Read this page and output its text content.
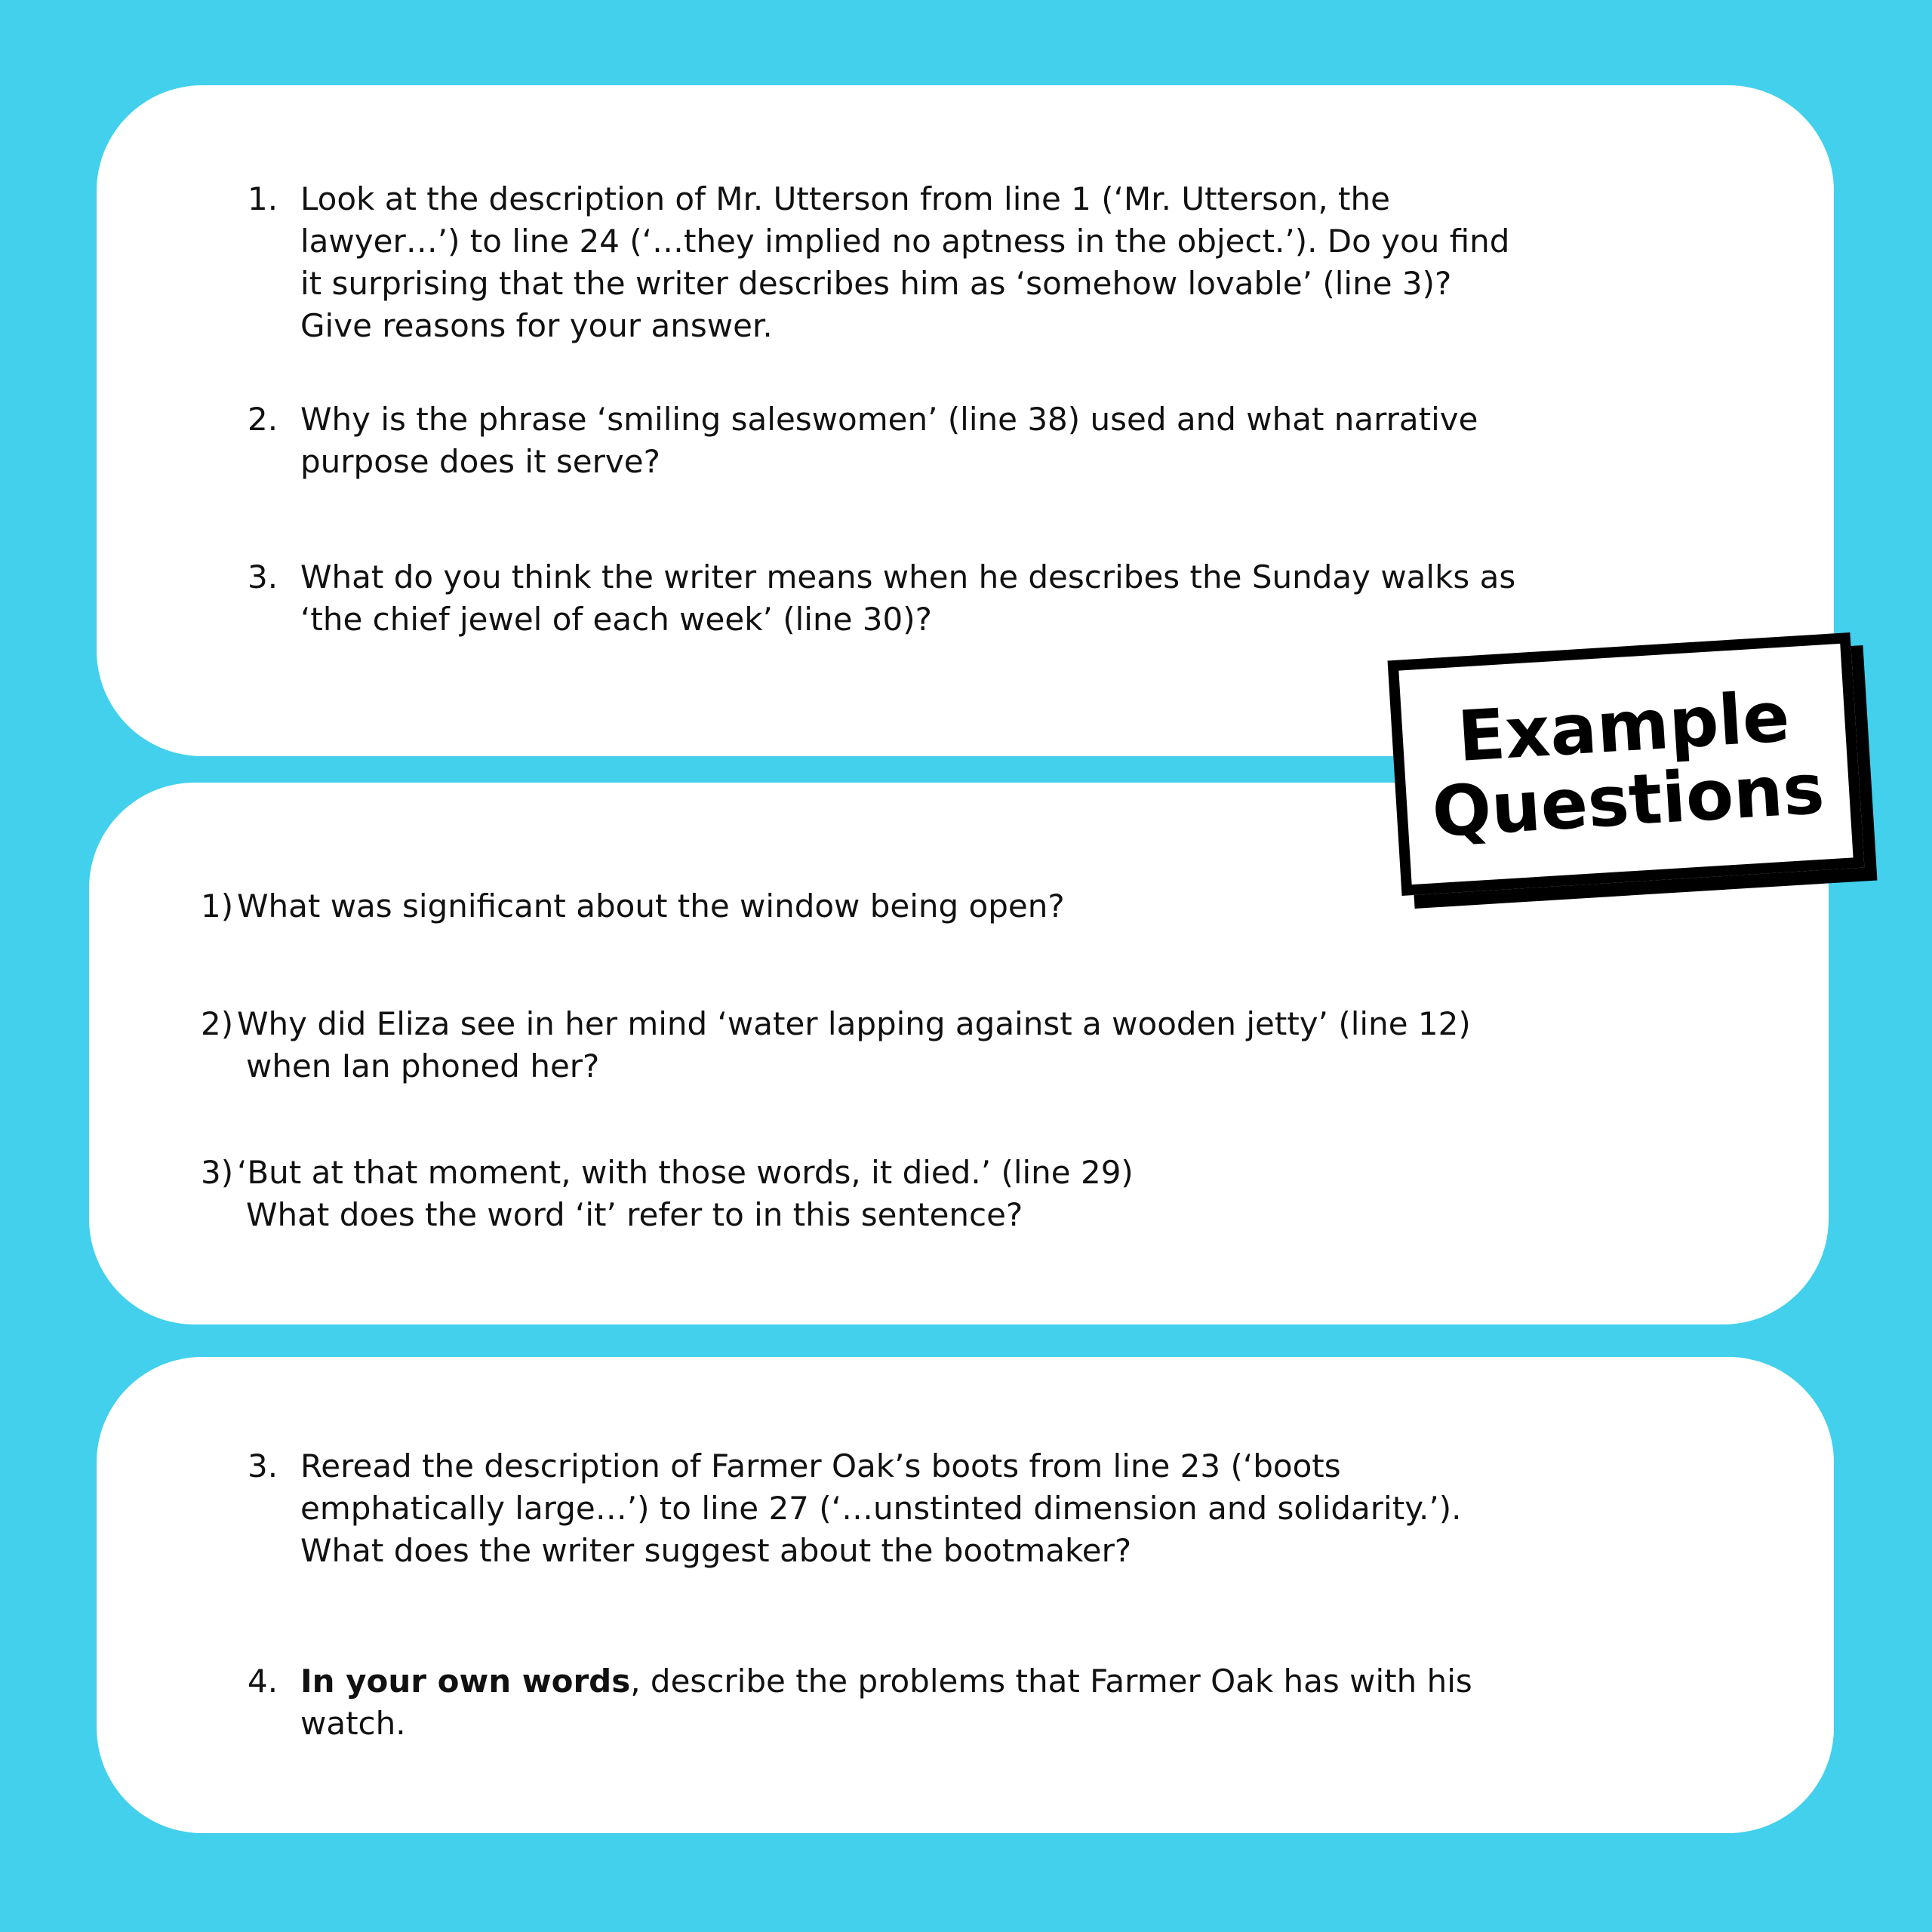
1. Look at the description of Mr. Utterson from line 1 (‘Mr. Utterson, the lawyer…’) to line 24 (‘…they implied no aptness in the object.’). Do you find it surprising that the writer describes him as ‘somehow lovable’ (line 3)? Give reasons for your answer.
2. Why is the phrase ‘smiling saleswomen’ (line 38) used and what narrative purpose does it serve?
3. What do you think the writer means when he describes the Sunday walks as ‘the chief jewel of each week’ (line 30)?
1) What was significant about the window being open?
2) Why did Eliza see in her mind ‘water lapping against a wooden jetty’ (line 12) when Ian phoned her?
3) ‘But at that moment, with those words, it died.’ (line 29)
What does the word ‘it’ refer to in this sentence?
3. Reread the description of Farmer Oak’s boots from line 23 (‘boots emphatically large…’) to line 27 (‘…unstinted dimension and solidarity.’).
What does the writer suggest about the bootmaker?
4. In your own words, describe the problems that Farmer Oak has with his watch.
Example
Questions
